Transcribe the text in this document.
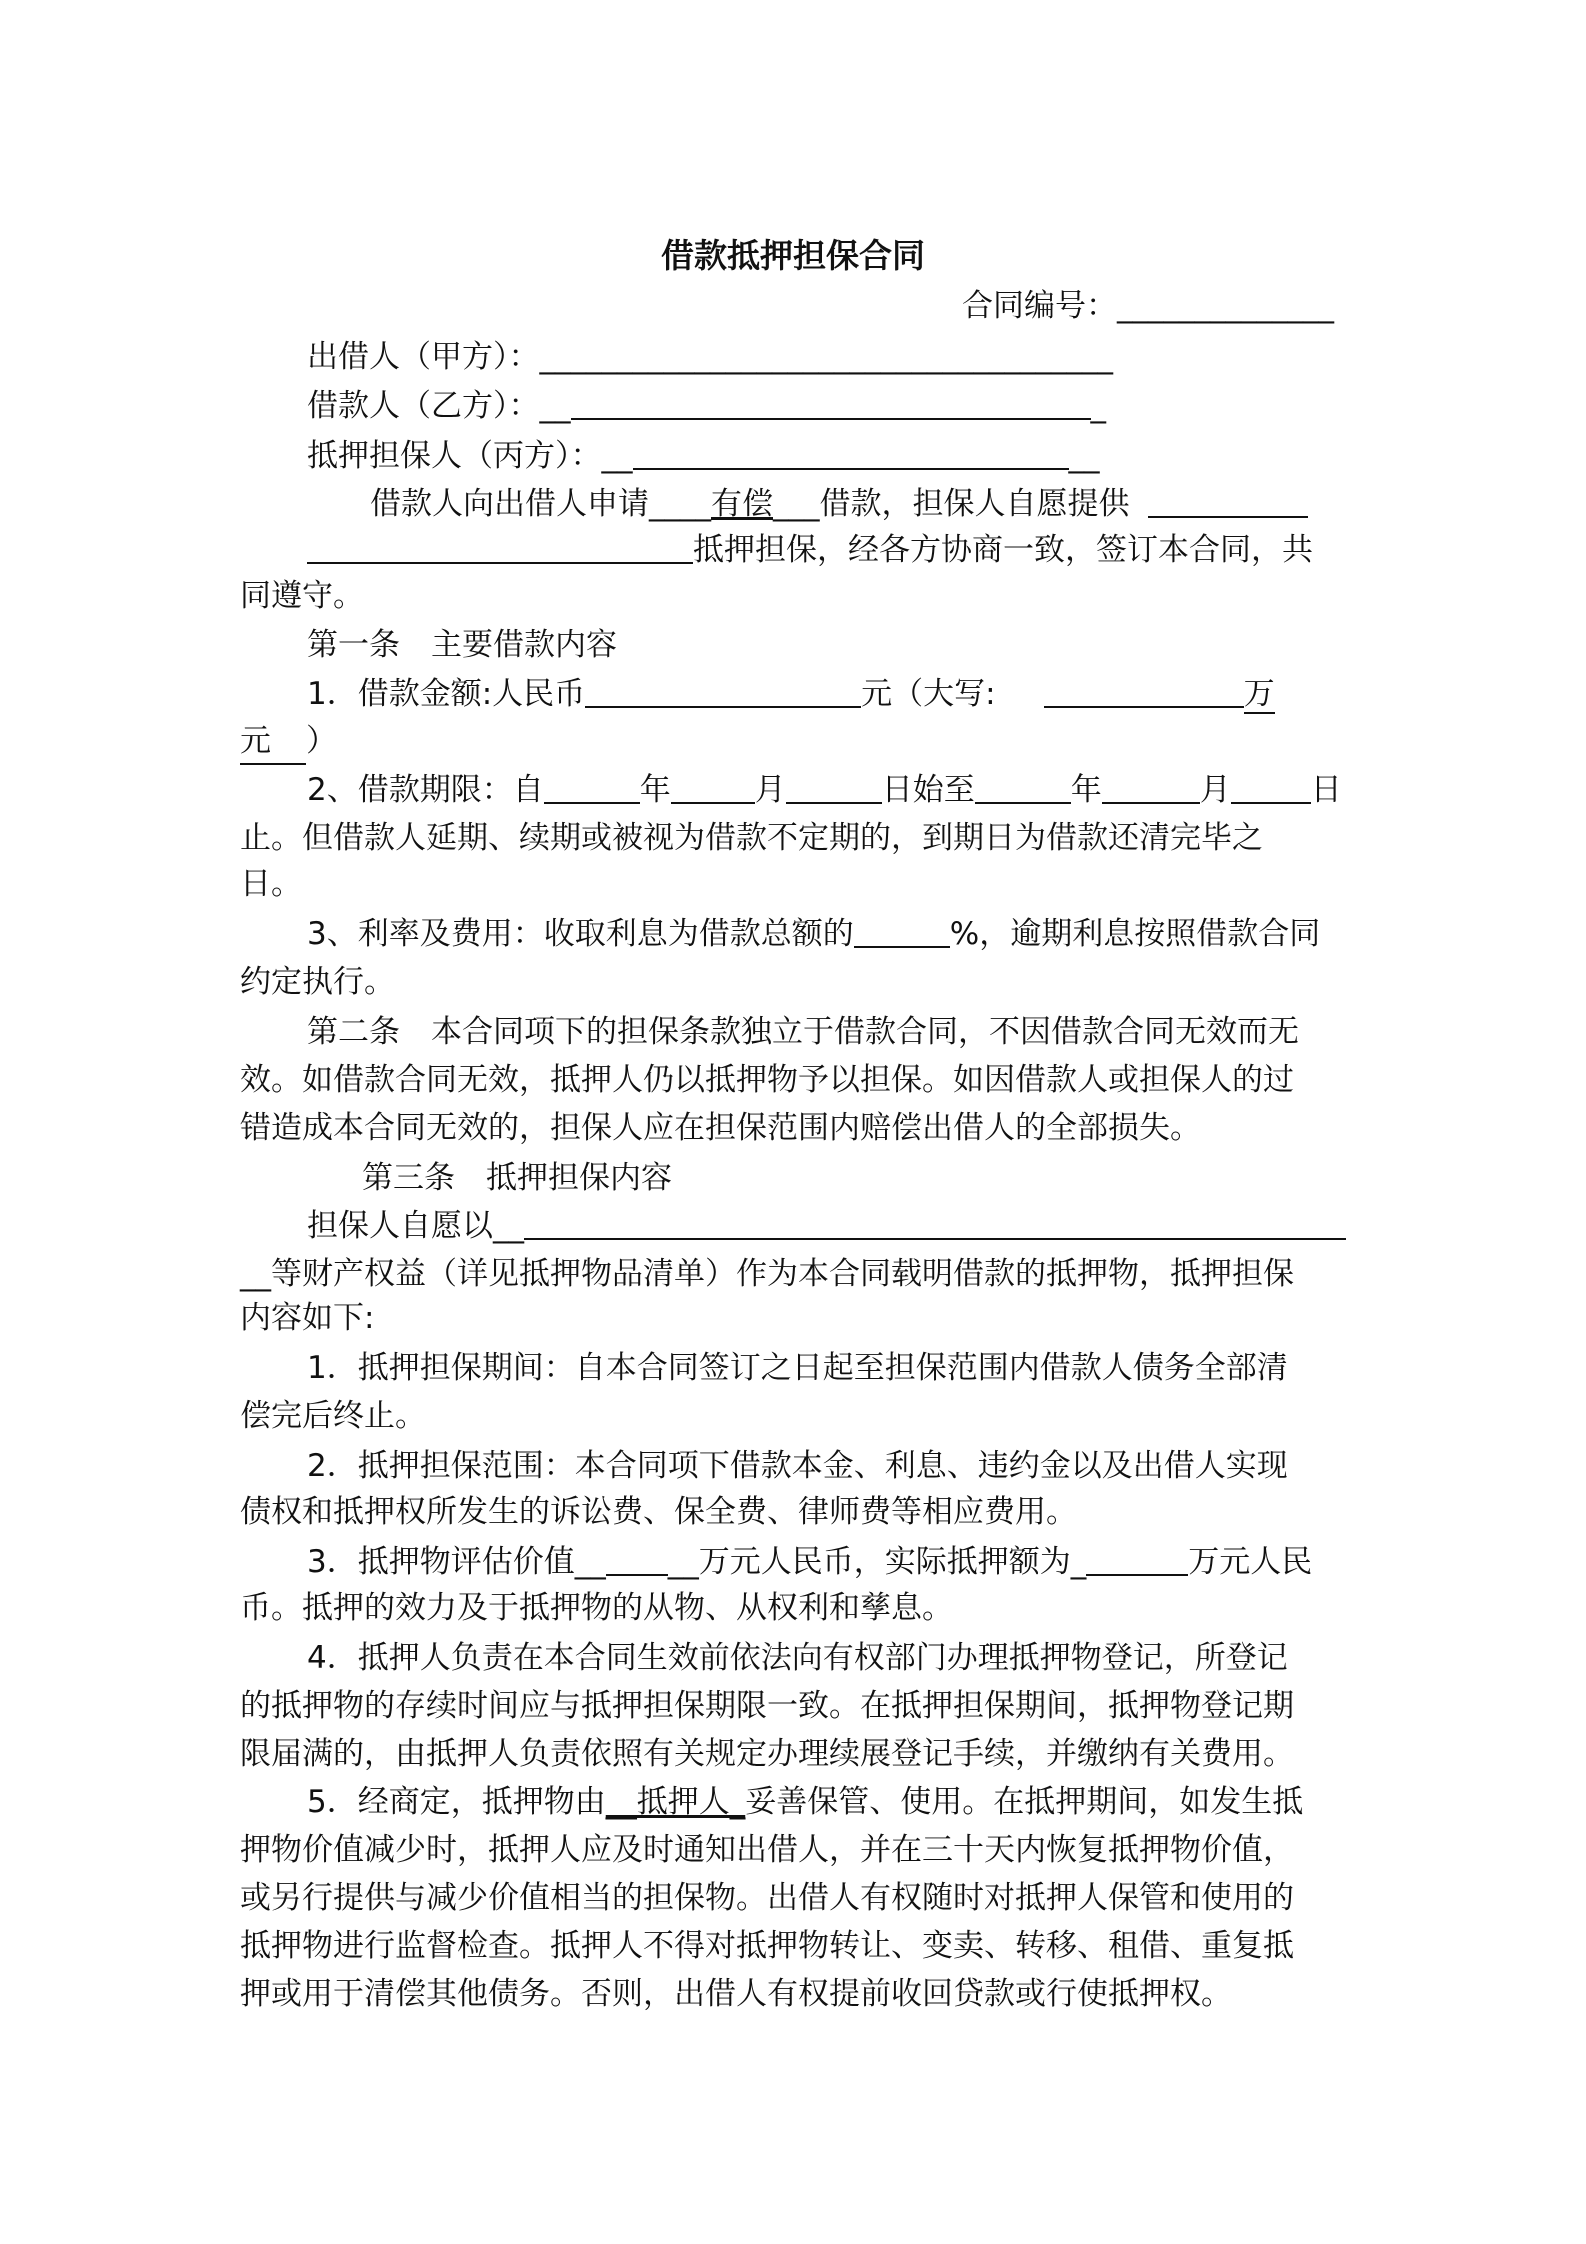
借款抵押担保合同
合同编号：______________
出借人（甲方）：_____________________________________
借款人（乙方）：__	_
抵押担保人（丙方）：__	__
借款人向出借人申请____有偿___借款，担保人自愿提供
抵押担保，经各方协商一致，签订本合同，共
同遵守。
第一条　主要借款内容
1．借款金额:人民币	元（大写:	万
元 ）
2、借款期限：自	年	月	日始至	年	月	日
止。但借款人延期、续期或被视为借款不定期的，到期日为借款还清完毕之
日。
3、利率及费用：收取利息为借款总额的	%，逾期利息按照借款合同
约定执行。
第二条　本合同项下的担保条款独立于借款合同，不因借款合同无效而无
效。如借款合同无效，抵押人仍以抵押物予以担保。如因借款人或担保人的过
错造成本合同无效的，担保人应在担保范围内赔偿出借人的全部损失。
第三条　抵押担保内容
担保人自愿以__
__等财产权益（详见抵押物品清单）作为本合同载明借款的抵押物，抵押担保
内容如下:
1．抵押担保期间：自本合同签订之日起至担保范围内借款人债务全部清
偿完后终止。
2．抵押担保范围：本合同项下借款本金、利息、违约金以及出借人实现
债权和抵押权所发生的诉讼费、保全费、律师费等相应费用。
3．抵押物评估价值__ __万元人民币，实际抵押额为_	万元人民
币。抵押的效力及于抵押物的从物、从权利和孳息。
4．抵押人负责在本合同生效前依法向有权部门办理抵押物登记，所登记
的抵押物的存续时间应与抵押担保期限一致。在抵押担保期间，抵押物登记期
限届满的，由抵押人负责依照有关规定办理续展登记手续，并缴纳有关费用。
5．经商定，抵押物由__抵押人_妥善保管、使用。在抵押期间，如发生抵
押物价值减少时，抵押人应及时通知出借人，并在三十天内恢复抵押物价值，
或另行提供与减少价值相当的担保物。出借人有权随时对抵押人保管和使用的
抵押物进行监督检查。抵押人不得对抵押物转让、变卖、转移、租借、重复抵
押或用于清偿其他债务。否则，出借人有权提前收回贷款或行使抵押权。
